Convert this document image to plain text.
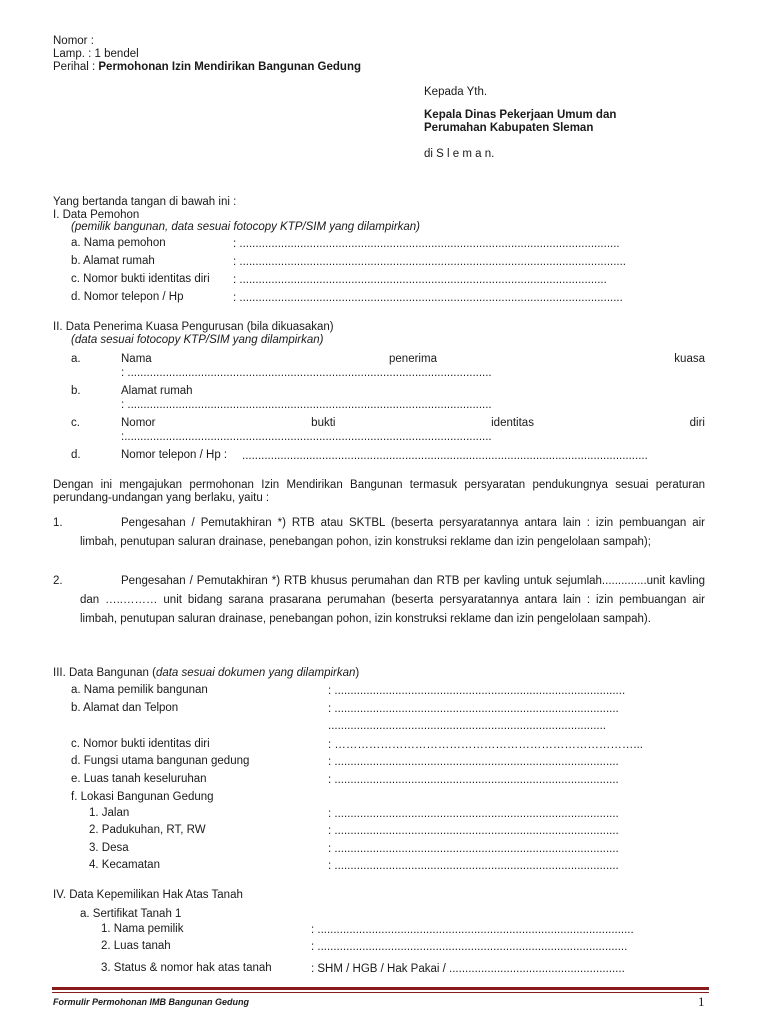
Nomor :
Lamp. : 1 bendel
Perihal : Permohonan Izin Mendirikan Bangunan Gedung
Kepada Yth.
Kepala Dinas Pekerjaan Umum dan
Perumahan Kabupaten Sleman
di S l e m a n.
Yang bertanda tangan di bawah ini :
I. Data Pemohon
(pemilik bangunan, data sesuai fotocopy KTP/SIM yang dilampirkan)
a. Nama pemohon	: .......................................................................................................................
b. Alamat rumah	: .........................................................................................................................
c. Nomor bukti identitas diri : ...................................................................................................................
d. Nomor telepon / Hp	: ........................................................................................................................
II. Data Penerima Kuasa Pengurusan (bila dikuasakan)
(data sesuai fotocopy KTP/SIM yang dilampirkan)
a.	Nama	penerima	kuasa
: ..................................................................................................................
b.	Alamat rumah
: ..................................................................................................................
c.	Nomor	bukti	identitas	diri
:...................................................................................................................
d.	Nomor telepon / Hp : ...............................................................................................................................
Dengan ini mengajukan permohonan Izin Mendirikan Bangunan termasuk persyaratan pendukungnya sesuai peraturan perundang-undangan yang berlaku, yaitu :
1.	Pengesahan / Pemutakhiran *) RTB atau SKTBL (beserta persyaratannya antara lain : izin pembuangan air limbah, penutupan saluran drainase, penebangan pohon, izin konstruksi reklame dan izin pengelolaan sampah);
2.	Pengesahan / Pemutakhiran *) RTB khusus perumahan dan RTB per kavling untuk sejumlah..............unit kavling dan …..……… unit bidang sarana prasarana perumahan (beserta persyaratannya antara lain : izin pembuangan air limbah, penutupan saluran drainase, penebangan pohon, izin konstruksi reklame dan izin pengelolaan sampah).
III. Data Bangunan (data sesuai dokumen yang dilampirkan)
a. Nama pemilik bangunan	: ...........................................................................................
b. Alamat dan Telpon	: .........................................................................................
.......................................................................................
c. Nomor bukti identitas diri	: ……………………………………………………………………...
d. Fungsi utama bangunan gedung	: .........................................................................................
e. Luas tanah keseluruhan	: .........................................................................................
f. Lokasi Bangunan Gedung
1. Jalan	: .........................................................................................
2. Padukuhan, RT, RW	: .........................................................................................
3. Desa	: .........................................................................................
4. Kecamatan	: .........................................................................................
IV. Data Kepemilikan Hak Atas Tanah
a. Sertifikat Tanah 1
1. Nama pemilik	: ...................................................................................................
2. Luas tanah	: .................................................................................................
3. Status & nomor hak atas tanah	: SHM / HGB / Hak Pakai / .......................................................
Formulir Permohonan IMB Bangunan Gedung	1
